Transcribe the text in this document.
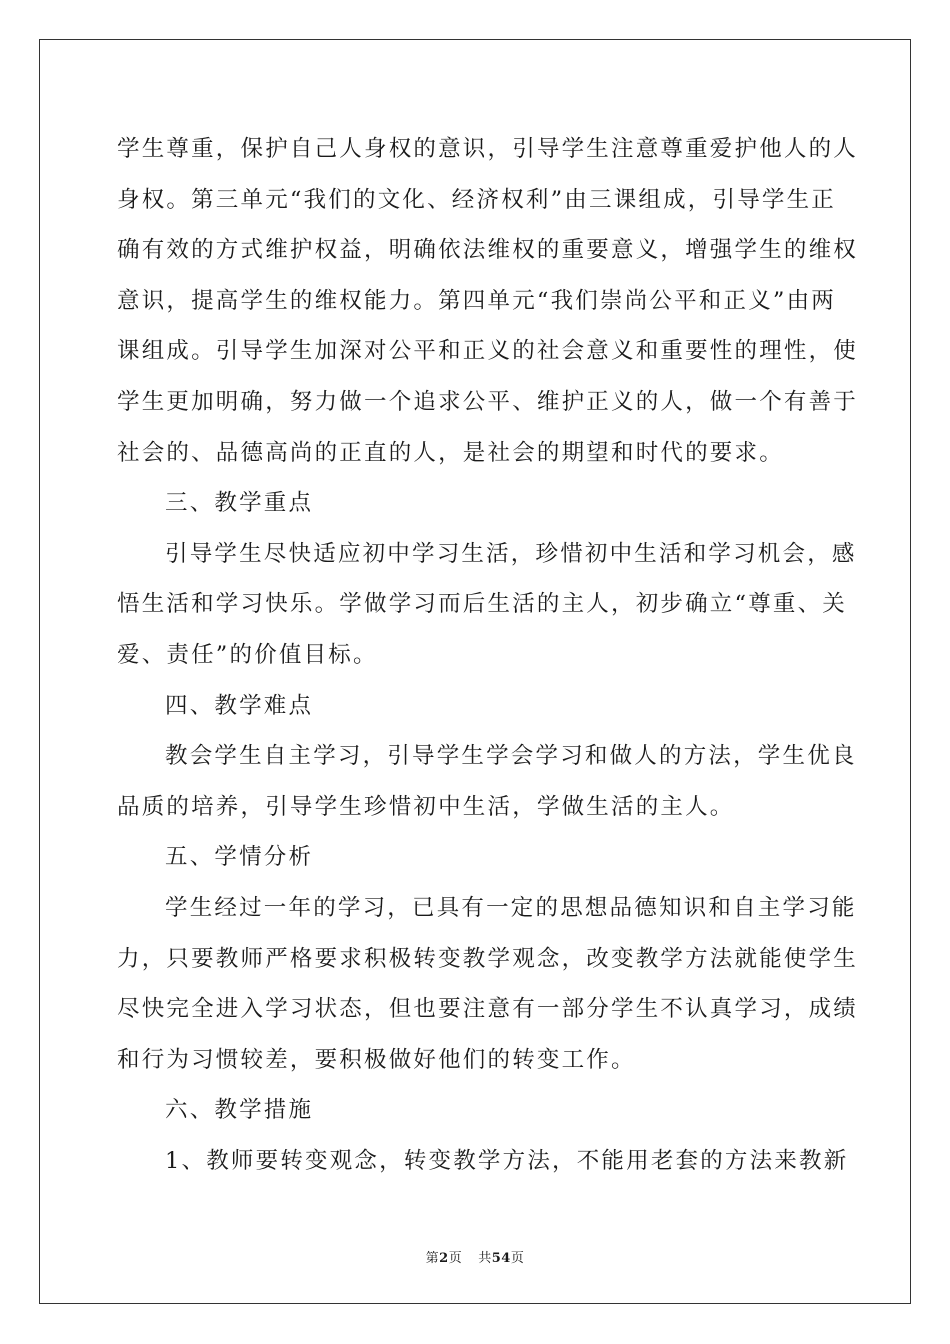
学生尊重，保护自己人身权的意识，引导学生注意尊重爱护他人的人
身权。第三单元“我们的文化、经济权利”由三课组成，引导学生正
确有效的方式维护权益，明确依法维权的重要意义，增强学生的维权
意识，提高学生的维权能力。第四单元“我们崇尚公平和正义”由两
课组成。引导学生加深对公平和正义的社会意义和重要性的理性，使
学生更加明确，努力做一个追求公平、维护正义的人，做一个有善于
社会的、品德高尚的正直的人，是社会的期望和时代的要求。
三、教学重点
引导学生尽快适应初中学习生活，珍惜初中生活和学习机会，感
悟生活和学习快乐。学做学习而后生活的主人，初步确立“尊重、关
爱、责任”的价值目标。
四、教学难点
教会学生自主学习，引导学生学会学习和做人的方法，学生优良
品质的培养，引导学生珍惜初中生活，学做生活的主人。
五、学情分析
学生经过一年的学习，已具有一定的思想品德知识和自主学习能
力，只要教师严格要求积极转变教学观念，改变教学方法就能使学生
尽快完全进入学习状态，但也要注意有一部分学生不认真学习，成绩
和行为习惯较差，要积极做好他们的转变工作。
六、教学措施
1、教师要转变观念，转变教学方法，不能用老套的方法来教新
第2页 共54页
